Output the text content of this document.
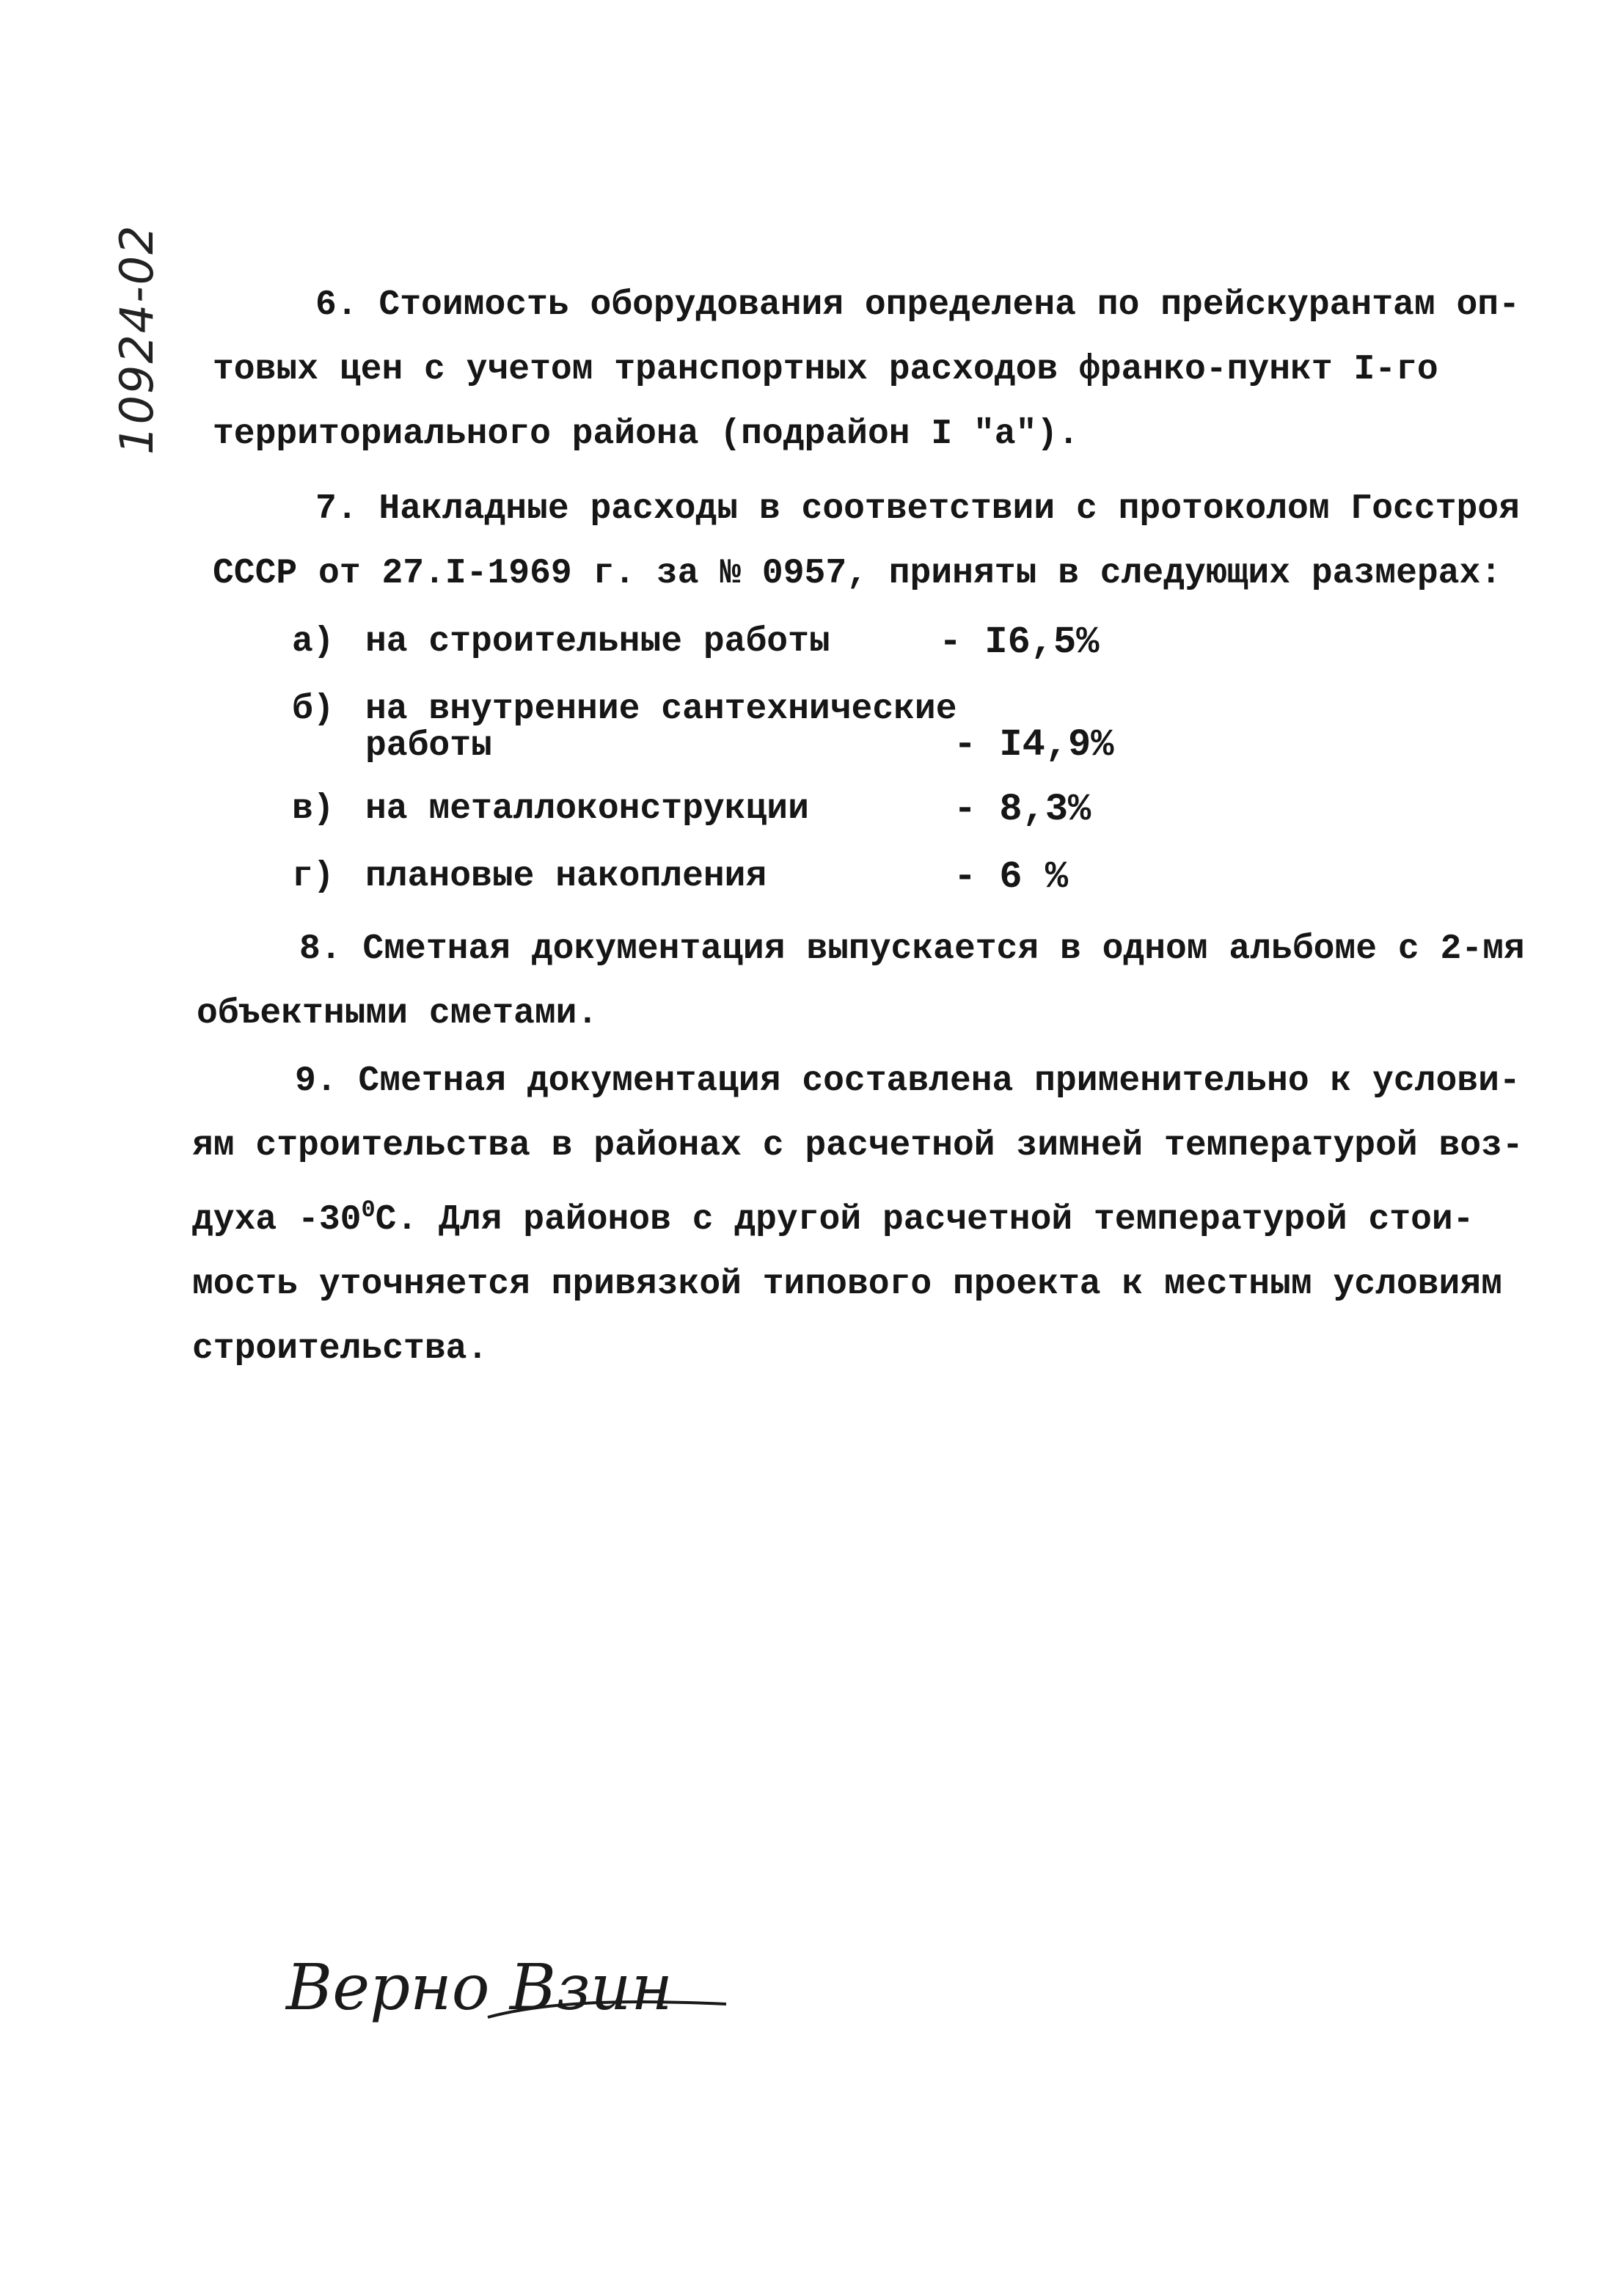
10924-02	6. Стоимость оборудования определена по прейскурантам оп-
товых цен с учетом транспортных расходов франко-пункт I-го
территориального района (подрайон I "а").
7. Накладные расходы в соответствии с протоколом Госстроя
СССР от 27.I-1969 г. за № 0957, приняты в следующих размерах:
а) на строительные работы	- I6,5%
б) на внутренние сантехнические
работы	- I4,9%
в) на металлоконструкции	- 8,3%
г) плановые накопления	- 6 %
8. Сметная документация выпускается в одном альбоме с 2-мя
объектными сметами.
9. Сметная документация составлена применительно к услови-
ям строительства в районах с расчетной зимней температурой воз-
духа $-30^0С$. Для районов с другой расчетной температурой стои-
мость уточняется привязкой типового проекта к местным условиям
строительства.
Верно Взин
